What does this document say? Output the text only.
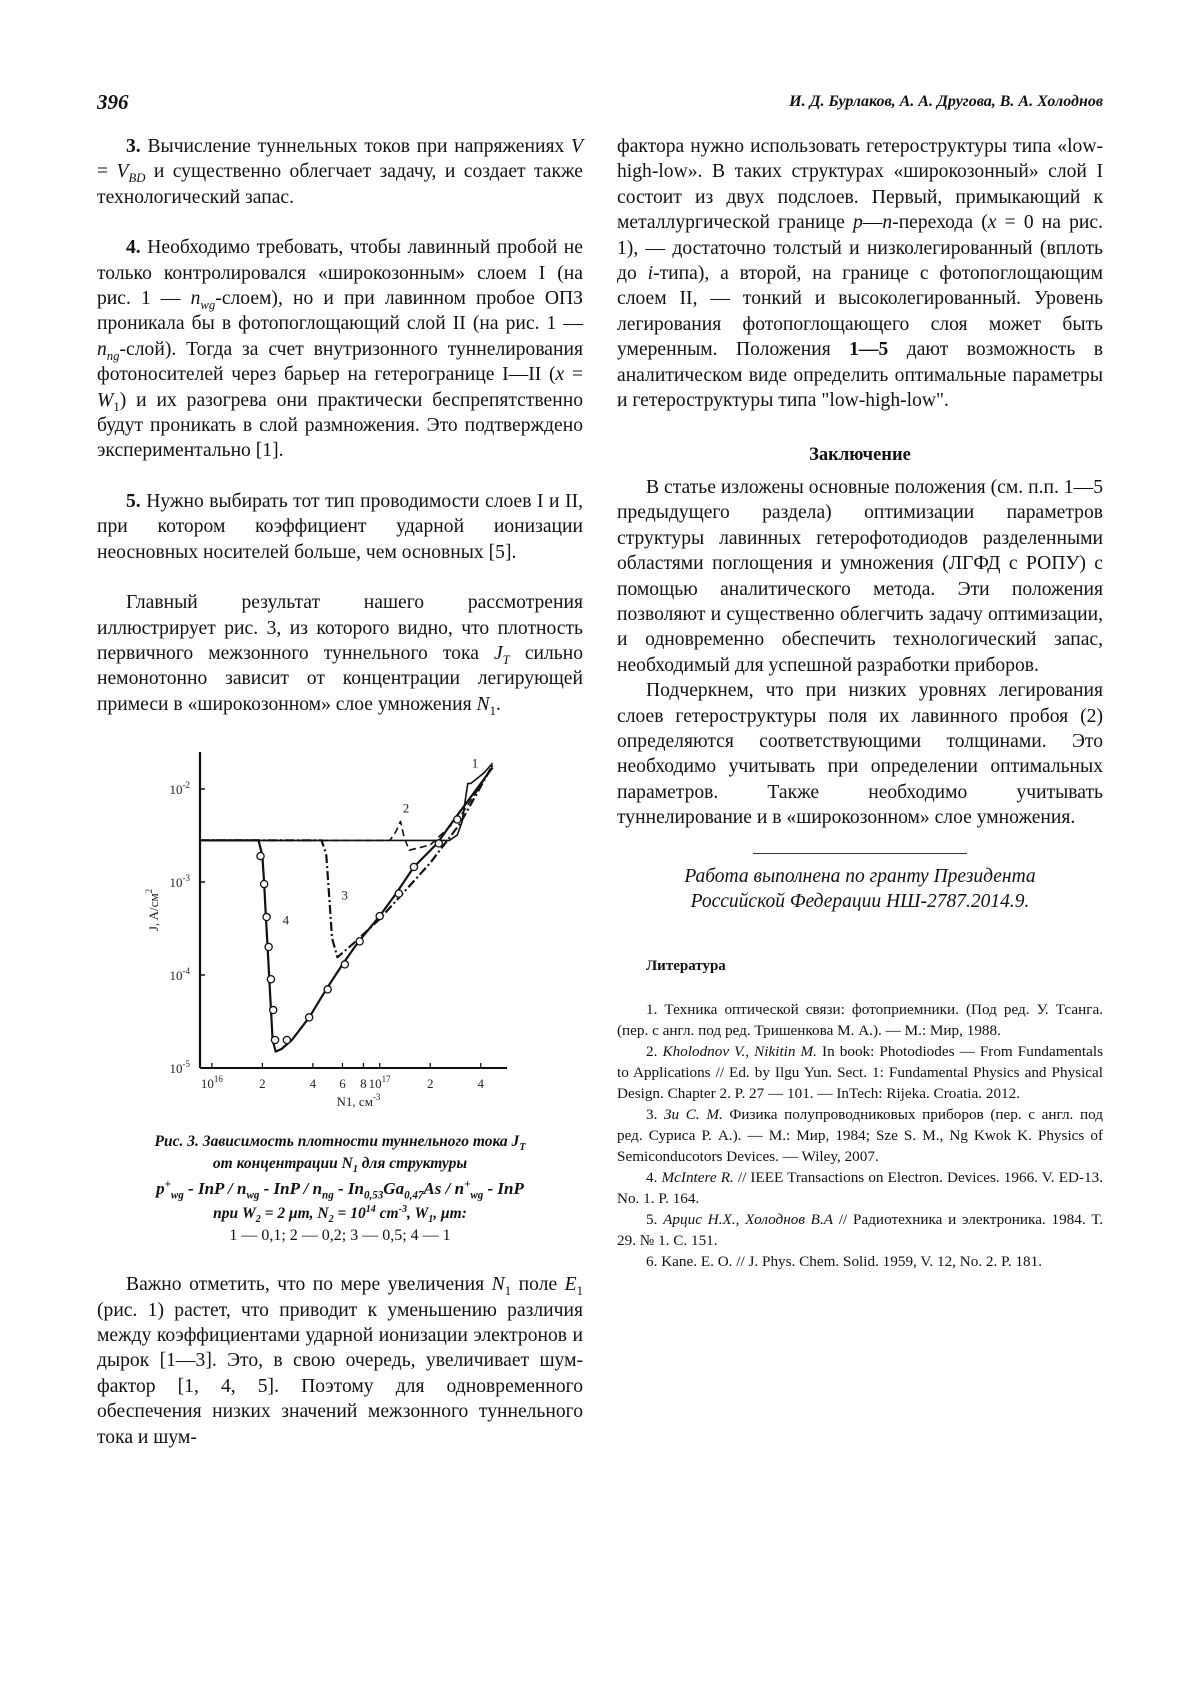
396	И. Д. Бурлаков, А. А. Другова, В. А. Холоднов

3. Вычисление туннельных токов при напряжениях $V = V_{BD}$ и существенно облегчает задачу, и создает также технологический запас.

4. Необходимо требовать, чтобы лавинный пробой не только контролировался «широкозонным» слоем I (на рис. 1 — $n_{wg}-слоем$), но и при лавинном пробое ОПЗ проникала бы в фотопоглощающий слой II (на рис. 1 — $n_{ng}-слой$). Тогда за счет внутризонного туннелирования фотоносителей через барьер на гетерогранице I—II $(x = W_1)$ и их разогрева они практически беспрепятственно будут проникать в слой размножения. Это подтверждено экспериментально [1].

5. Нужно выбирать тот тип проводимости слоев I и II, при котором коэффициент ударной ионизации неосновных носителей больше, чем основных [5].

Главный результат нашего рассмотрения иллюстрирует рис. 3, из которого видно, что плотность первичного межзонного туннельного тока $J_T$ сильно немонотонно зависит от концентрации легирующей примеси в «широкозонном» слое умножения $N_1$.

$10^{-2}$
$10^{-3}$
$10^{-4}$
$10^{-5}$
$10^{16}$	2	4 6 8 $10^{17}$	2	4
N1, $см^{-3}$
J, $A/см^2$
1
2
3
4
Рис. 3. Зависимость плотности туннельного тока $J_T$
от концентрации $N_1$ для структуры
$p^+_{wg}$ - InP / $n_{wg}$ - InP / $n_{ng} - In_{0,53}Ga_{0,47}As / n^+_{wg}$ - InP
при $W_2 = 2$ μm, $N_2 = 10^{14}$ $cm^{-3}$, $W_1$, μm:
1 — 0,1; 2 — 0,2; 3 — 0,5; 4 — 1

Важно отметить, что по мере увеличения $N_1$ поле $E_1$ (рис. 1) растет, что приводит к уменьшению различия между коэффициентами ударной ионизации электронов и дырок [1—3]. Это, в свою очередь, увеличивает шум-фактор [1, 4, 5]. Поэтому для одновременного обеспечения низких значений межзонного туннельного тока и шум-

фактора нужно использовать гетероструктуры типа «low-high-low». В таких структурах «широкозонный» слой I состоит из двух подслоев. Первый, примыкающий к металлургической границе p—n-перехода (x = 0 на рис. 1), — достаточно толстый и низколегированный (вплоть до i-типа), а второй, на границе с фотопоглощающим слоем II, — тонкий и высоколегированный. Уровень легирования фотопоглощающего слоя может быть умеренным. Положения 1—5 дают возможность в аналитическом виде определить оптимальные параметры и гетероструктуры типа "low-high-low".

Заключение

В статье изложены основные положения (см. п.п. 1—5 предыдущего раздела) оптимизации параметров структуры лавинных гетерофотодиодов разделенными областями поглощения и умножения (ЛГФД с РОПУ) с помощью аналитического метода. Эти положения позволяют и существенно облегчить задачу оптимизации, и одновременно обеспечить технологический запас, необходимый для успешной разработки приборов.

Подчеркнем, что при низких уровнях легирования слоев гетероструктуры поля их лавинного пробоя (2) определяются соответствующими толщинами. Это необходимо учитывать при определении оптимальных параметров. Также необходимо учитывать туннелирование и в «широкозонном» слое умножения.

Работа выполнена по гранту Президента
Российской Федерации НШ-2787.2014.9.
Литература

1. Техника оптической связи: фотоприемники. (Под ред. У. Тсанга. (пер. с англ. под ред. Тришенкова М. А.). — М.: Мир, 1988.

2. Kholodnov V., Nikitin M. In book: Photodiodes — From Fundamentals to Applications // Ed. by Ilgu Yun. Sect. 1: Fundamental Physics and Physical Design. Chapter 2. P. 27 — 101. — InTech: Rijeka. Croatia. 2012.

3. Зи С. М. Физика полупроводниковых приборов (пер. с англ. под ред. Суриса Р. А.). — М.: Мир, 1984; Sze S. M., Ng Kwok K. Physics of Semiconducotors Devices. — Wiley, 2007.

4. McIntere R. // IEEE Transactions on Electron. Devices. 1966. V. ED-13. No. 1. P. 164.

5. Арцис Н.Х., Холоднов В.А // Радиотехника и электроника. 1984. Т. 29. № 1. С. 151.

6. Kane. E. O. // J. Phys. Chem. Solid. 1959, V. 12, No. 2. P. 181.
